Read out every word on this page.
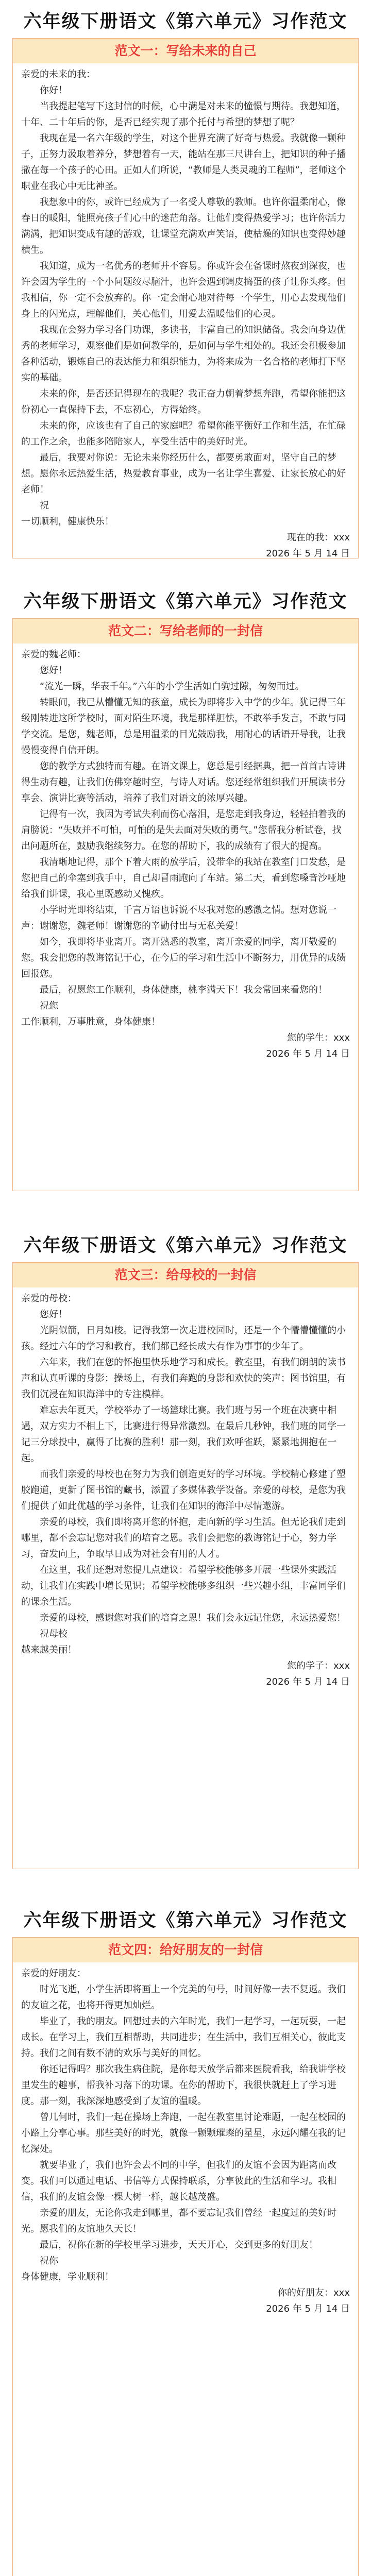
六年级下册语文《第六单元》习作范文
范文一：写给未来的自己

亲爱的未来的我：

你好！

当我提起笔写下这封信的时候，心中满是对未来的憧憬与期待。我想知道，十年、二十年后的你，是否已经实现了那个托付与希望的梦想了呢？

我现在是一名六年级的学生，对这个世界充满了好奇与热爱。我就像一颗种子，正努力汲取着养分，梦想着有一天，能站在那三尺讲台上，把知识的种子播撒在每一个孩子的心田。正如人们所说，“教师是人类灵魂的工程师”，老师这个职业在我心中无比神圣。

我想象中的你，或许已经成为了一名受人尊敬的教师。也许你温柔耐心，像春日的暖阳，能照亮孩子们心中的迷茫角落。让他们变得热爱学习；也许你活力满满，把知识变成有趣的游戏，让课堂充满欢声笑语，使枯燥的知识也变得妙趣横生。

我知道，成为一名优秀的老师并不容易。你或许会在备课时熬夜到深夜，也许会因为学生的一个小问题绞尽脑汁，也许会遇到调皮捣蛋的孩子让你头疼。但我相信，你一定不会放弃的。你一定会耐心地对待每一个学生，用心去发现他们身上的闪光点，理解他们，关心他们，用爱去温暖他们的心灵。

我现在会努力学习各门功课，多读书，丰富自己的知识储备。我会向身边优秀的老师学习，观察他们是如何教学的，是如何与学生相处的。我还会积极参加各种活动，锻炼自己的表达能力和组织能力，为将来成为一名合格的老师打下坚实的基础。

未来的你，是否还记得现在的我呢？我正奋力朝着梦想奔跑，希望你能把这份初心一直保持下去，不忘初心，方得始终。

未来的你，应该也有了自己的家庭吧？希望你能平衡好工作和生活，在忙碌的工作之余，也能多陪陪家人，享受生活中的美好时光。

最后，我要对你说：无论未来你经历什么，都要勇敢面对，坚守自己的梦想。愿你永远热爱生活，热爱教育事业，成为一名让学生喜爱、让家长放心的好老师！

祝

一切顺利，健康快乐！

现在的我：xxx

2026 年 5 月 14 日

六年级下册语文《第六单元》习作范文
范文二：写给老师的一封信

亲爱的魏老师：

您好！

“流光一瞬，华表千年。”六年的小学生活如白驹过隙，匆匆而过。

转眼间，我已从懵懂无知的孩童，成长为即将步入中学的少年。犹记得三年级刚转进这所学校时，面对陌生环境，我是那样胆怯，不敢举手发言，不敢与同学交流。是您，魏老师，总是用温柔的目光鼓励我，用耐心的话语开导我，让我慢慢变得自信开朗。

您的教学方式独特而有趣。在语文课上，您总是引经据典，把一首首古诗讲得生动有趣，让我们仿佛穿越时空，与诗人对话。您还经常组织我们开展读书分享会、演讲比赛等活动，培养了我们对语文的浓厚兴趣。

记得有一次，我因为考试失利而伤心落泪，是您走到我身边，轻轻拍着我的肩膀说：“失败并不可怕，可怕的是失去面对失败的勇气。”您帮我分析试卷，找出问题所在，鼓励我继续努力。在您的帮助下，我的成绩有了很大的提高。

我清晰地记得，那个下着大雨的放学后，没带伞的我站在教室门口发愁，是您把自己的伞塞到我手中，自己却冒雨跑向了车站。第二天，看到您嗓音沙哑地给我们讲课，我心里既感动又愧疚。

小学时光即将结束，千言万语也诉说不尽我对您的感激之情。想对您说一声：谢谢您，魏老师！谢谢您的辛勤付出与无私关爱！

如今，我即将毕业离开。离开熟悉的教室，离开亲爱的同学，离开敬爱的您。我会把您的教诲铭记于心，在今后的学习和生活中不断努力，用优异的成绩回报您。

最后，祝愿您工作顺利，身体健康，桃李满天下！我会常回来看您的！

祝您

工作顺利，万事胜意，身体健康！

您的学生：xxx

2026 年 5 月 14 日

六年级下册语文《第六单元》习作范文
范文三：给母校的一封信

亲爱的母校：

您好！

光阴似箭，日月如梭。记得我第一次走进校园时，还是一个个懵懵懂懂的小孩。经过六年的学习和教育，我们都已经长成大有作为事事的少年了。

六年来，我们在您的怀抱里快乐地学习和成长。教室里，有我们朗朗的读书声和认真听课的身影；操场上，有我们奔跑的身影和欢快的笑声；图书馆里，有我们沉浸在知识海洋中的专注模样。

难忘去年夏天，学校举办了一场篮球比赛。我们班与另一个班在决赛中相遇，双方实力不相上下，比赛进行得异常激烈。在最后几秒钟，我们班的同学一记三分球投中，赢得了比赛的胜利！那一刻，我们欢呼雀跃，紧紧地拥抱在一起。

而我们亲爱的母校也在努力为我们创造更好的学习环境。学校精心修建了塑胶跑道，更新了图书馆的藏书，添置了多媒体教学设备。亲爱的母校，是您为我们提供了如此优越的学习条件，让我们在知识的海洋中尽情遨游。

亲爱的母校，我们即将离开您的怀抱，走向新的学习生活。但无论我们走到哪里，都不会忘记您对我们的培育之恩。我们会把您的教诲铭记于心，努力学习，奋发向上，争取早日成为对社会有用的人才。

在这里，我们还想对您提几点建议：希望学校能够多开展一些课外实践活动，让我们在实践中增长见识；希望学校能够多组织一些兴趣小组，丰富同学们的课余生活。

亲爱的母校，感谢您对我们的培育之恩！我们会永远记住您，永远热爱您！

祝母校

越来越美丽！

您的学子：xxx

2026 年 5 月 14 日

六年级下册语文《第六单元》习作范文
范文四：给好朋友的一封信

亲爱的好朋友：

时光飞逝，小学生活即将画上一个完美的句号，时间好像一去不复返。我们的友谊之花，也将开得更加灿烂。

毕业了，我的朋友。回想过去的六年时光，我们一起学习，一起玩耍，一起成长。在学习上，我们互相帮助，共同进步；在生活中，我们互相关心，彼此支持。我们之间有数不清的欢乐与美好的回忆。

你还记得吗？那次我生病住院，是你每天放学后都来医院看我，给我讲学校里发生的趣事，帮我补习落下的功课。在你的帮助下，我很快就赶上了学习进度。那一刻，我深深地感受到了友谊的温暖。

曾几何时，我们一起在操场上奔跑，一起在教室里讨论难题，一起在校园的小路上分享心事。那些美好的时光，就像一颗颗璀璨的星星，永远闪耀在我的记忆深处。

就要毕业了，我们也许会去不同的中学，但我们的友谊不会因为距离而改变。我们可以通过电话、书信等方式保持联系，分享彼此的生活和学习。我相信，我们的友谊会像一棵大树一样，越长越茂盛。

亲爱的朋友，无论你我走到哪里，都不要忘记我们曾经一起度过的美好时光。愿我们的友谊地久天长！

最后，祝你在新的学校里学习进步，天天开心，交到更多的好朋友！

祝你

身体健康，学业顺利！

你的好朋友：xxx

2026 年 5 月 14 日
